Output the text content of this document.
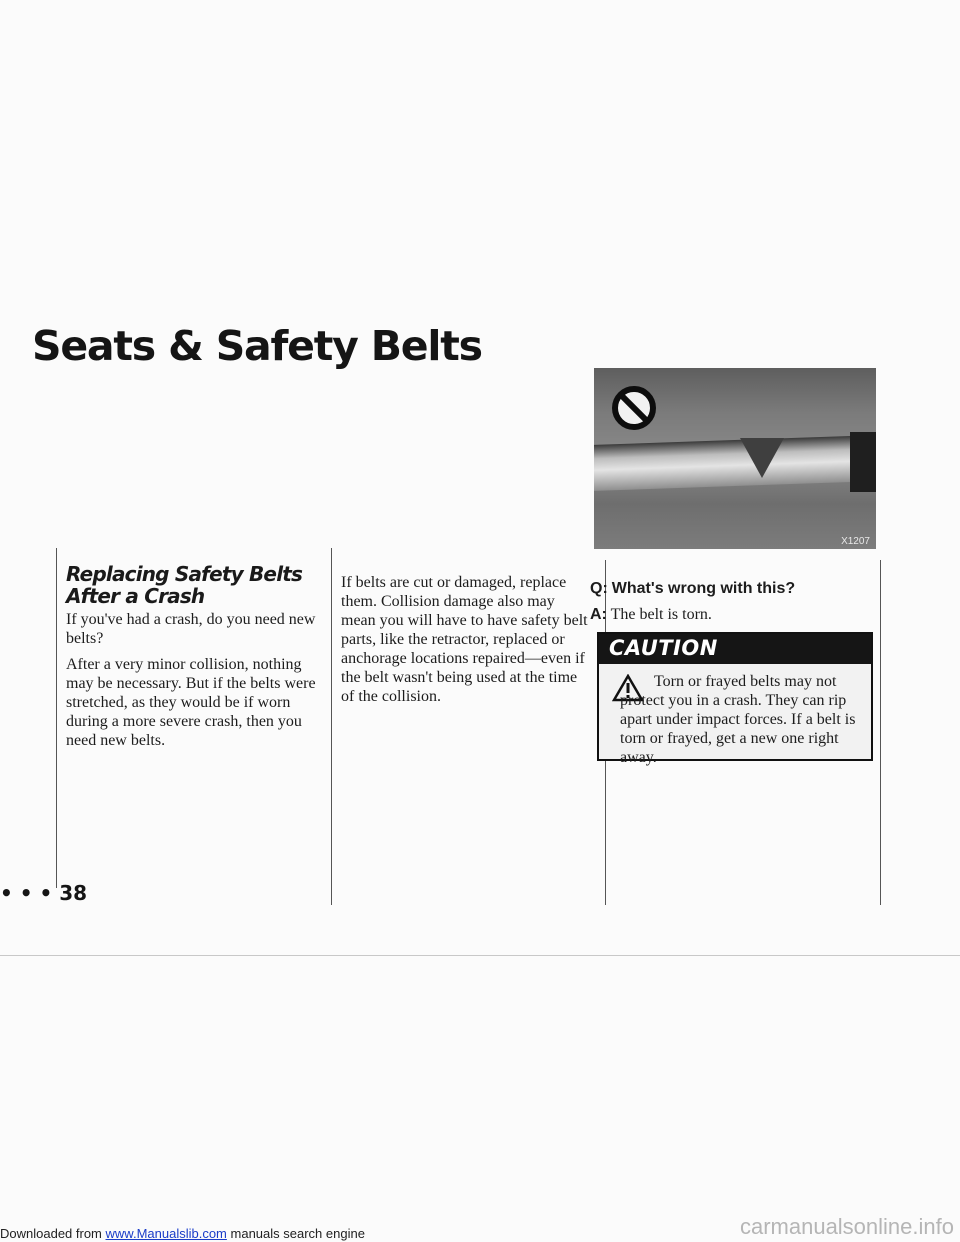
Seats & Safety Belts
Replacing Safety Belts After a Crash

If you've had a crash, do you need new belts?

After a very minor collision, nothing may be necessary. But if the belts were stretched, as they would be if worn during a more severe crash, then you need new belts.

If belts are cut or damaged, replace them. Collision damage also may mean you will have to have safety belt parts, like the retractor, replaced or anchorage locations repaired—even if the belt wasn't being used at the time of the collision.

X1207
Q: What's wrong with this?
A: The belt is torn.
CAUTION
Torn or frayed belts may not protect you in a crash. They can rip apart under impact forces. If a belt is torn or frayed, get a new one right away.
• • • 38
Downloaded from www.Manualslib.com manuals search engine	carmanualsonline.info
